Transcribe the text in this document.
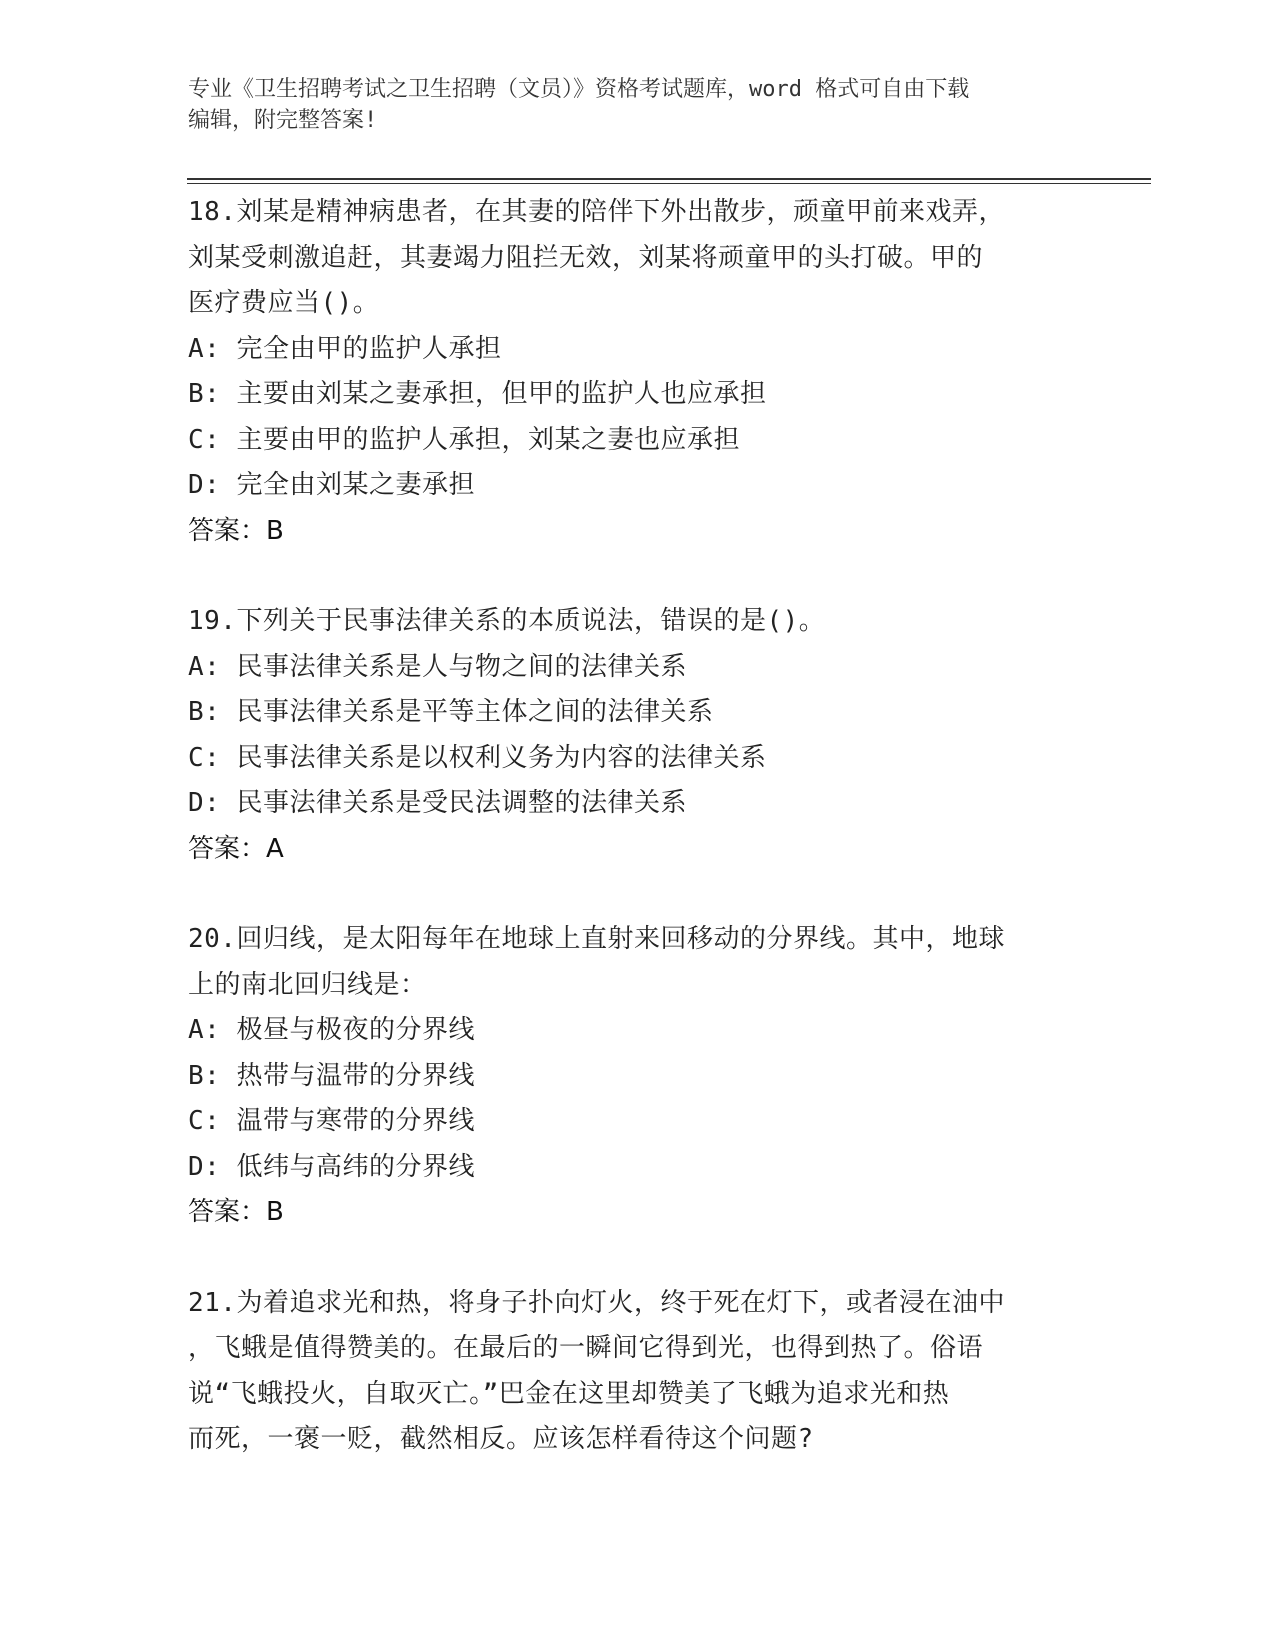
专业《卫生招聘考试之卫生招聘（文员）》资格考试题库，word 格式可自由下载
编辑，附完整答案!
18.刘某是精神病患者，在其妻的陪伴下外出散步，顽童甲前来戏弄，
刘某受刺激追赶，其妻竭力阻拦无效，刘某将顽童甲的头打破。甲的
医疗费应当()。
A: 完全由甲的监护人承担
B: 主要由刘某之妻承担，但甲的监护人也应承担
C: 主要由甲的监护人承担，刘某之妻也应承担
D: 完全由刘某之妻承担
答案：B
19.下列关于民事法律关系的本质说法，错误的是()。
A: 民事法律关系是人与物之间的法律关系
B: 民事法律关系是平等主体之间的法律关系
C: 民事法律关系是以权利义务为内容的法律关系
D: 民事法律关系是受民法调整的法律关系
答案：A
20.回归线，是太阳每年在地球上直射来回移动的分界线。其中，地球
上的南北回归线是：
A: 极昼与极夜的分界线
B: 热带与温带的分界线
C: 温带与寒带的分界线
D: 低纬与高纬的分界线
答案：B
21.为着追求光和热，将身子扑向灯火，终于死在灯下，或者浸在油中
，飞蛾是值得赞美的。在最后的一瞬间它得到光，也得到热了。俗语
说“飞蛾投火，自取灭亡。”巴金在这里却赞美了飞蛾为追求光和热
而死，一褒一贬，截然相反。应该怎样看待这个问题?
